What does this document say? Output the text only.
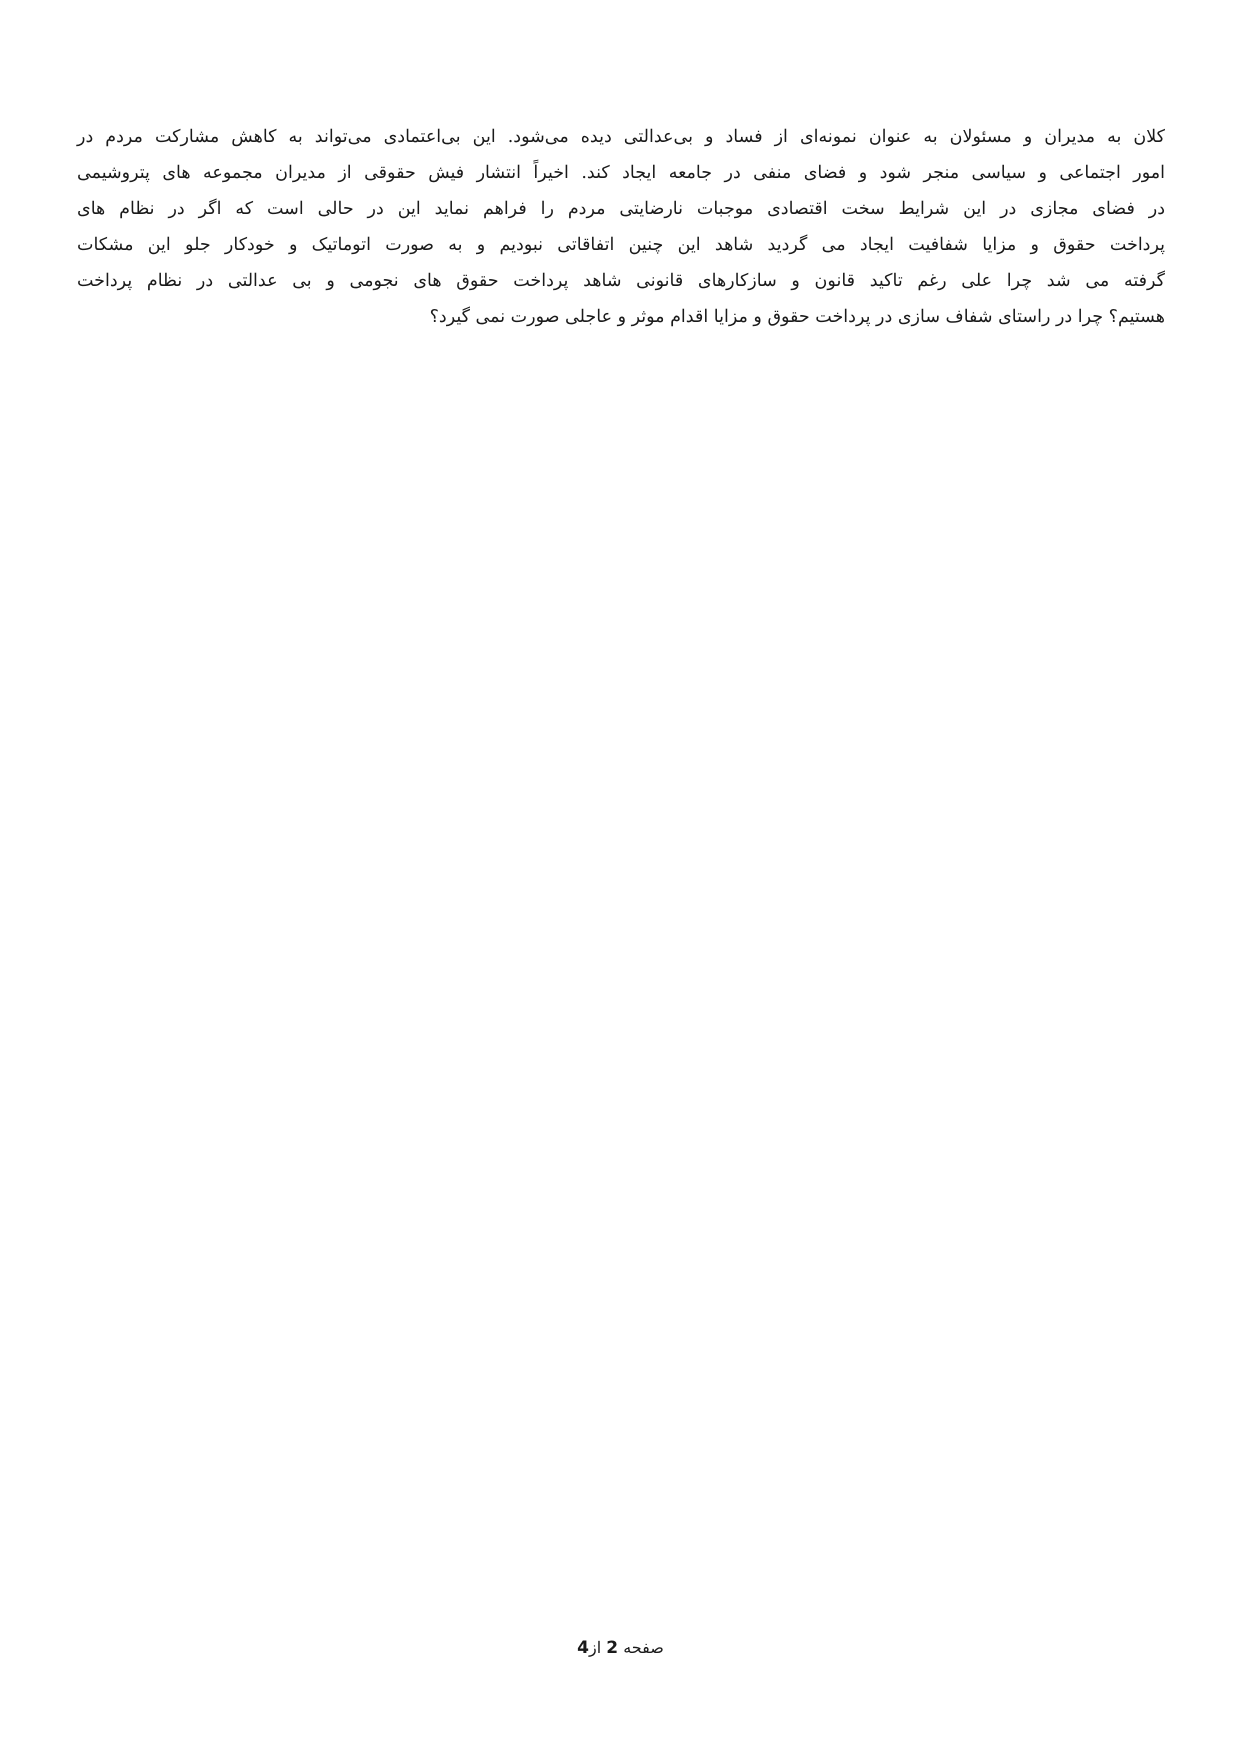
کلان به مدیران و مسئولان به عنوان نمونه‌ای از فساد و بی‌عدالتی دیده می‌شود. این بی‌اعتمادی می‌تواند به کاهش مشارکت مردم در
امور اجتماعی و سیاسی منجر شود و فضای منفی در جامعه ایجاد کند. اخیراً انتشار فیش حقوقی از مدیران مجموعه های پتروشیمی
در فضای مجازی در این شرایط سخت اقتصادی موجبات نارضایتی مردم را فراهم نماید این در حالی است که اگر در نظام های
پرداخت حقوق و مزایا شفافیت ایجاد می گردید شاهد این چنین اتفاقاتی نبودیم و به صورت اتوماتیک و خودکار جلو این مشکات
گرفته می شد چرا علی رغم تاکید قانون و سازکارهای قانونی شاهد پرداخت حقوق های نجومی و بی عدالتی در نظام پرداخت
هستیم؟ چرا در راستای شفاف سازی در پرداخت حقوق و مزایا اقدام موثر و عاجلی صورت نمی گیرد؟
صفحه 2 از4
